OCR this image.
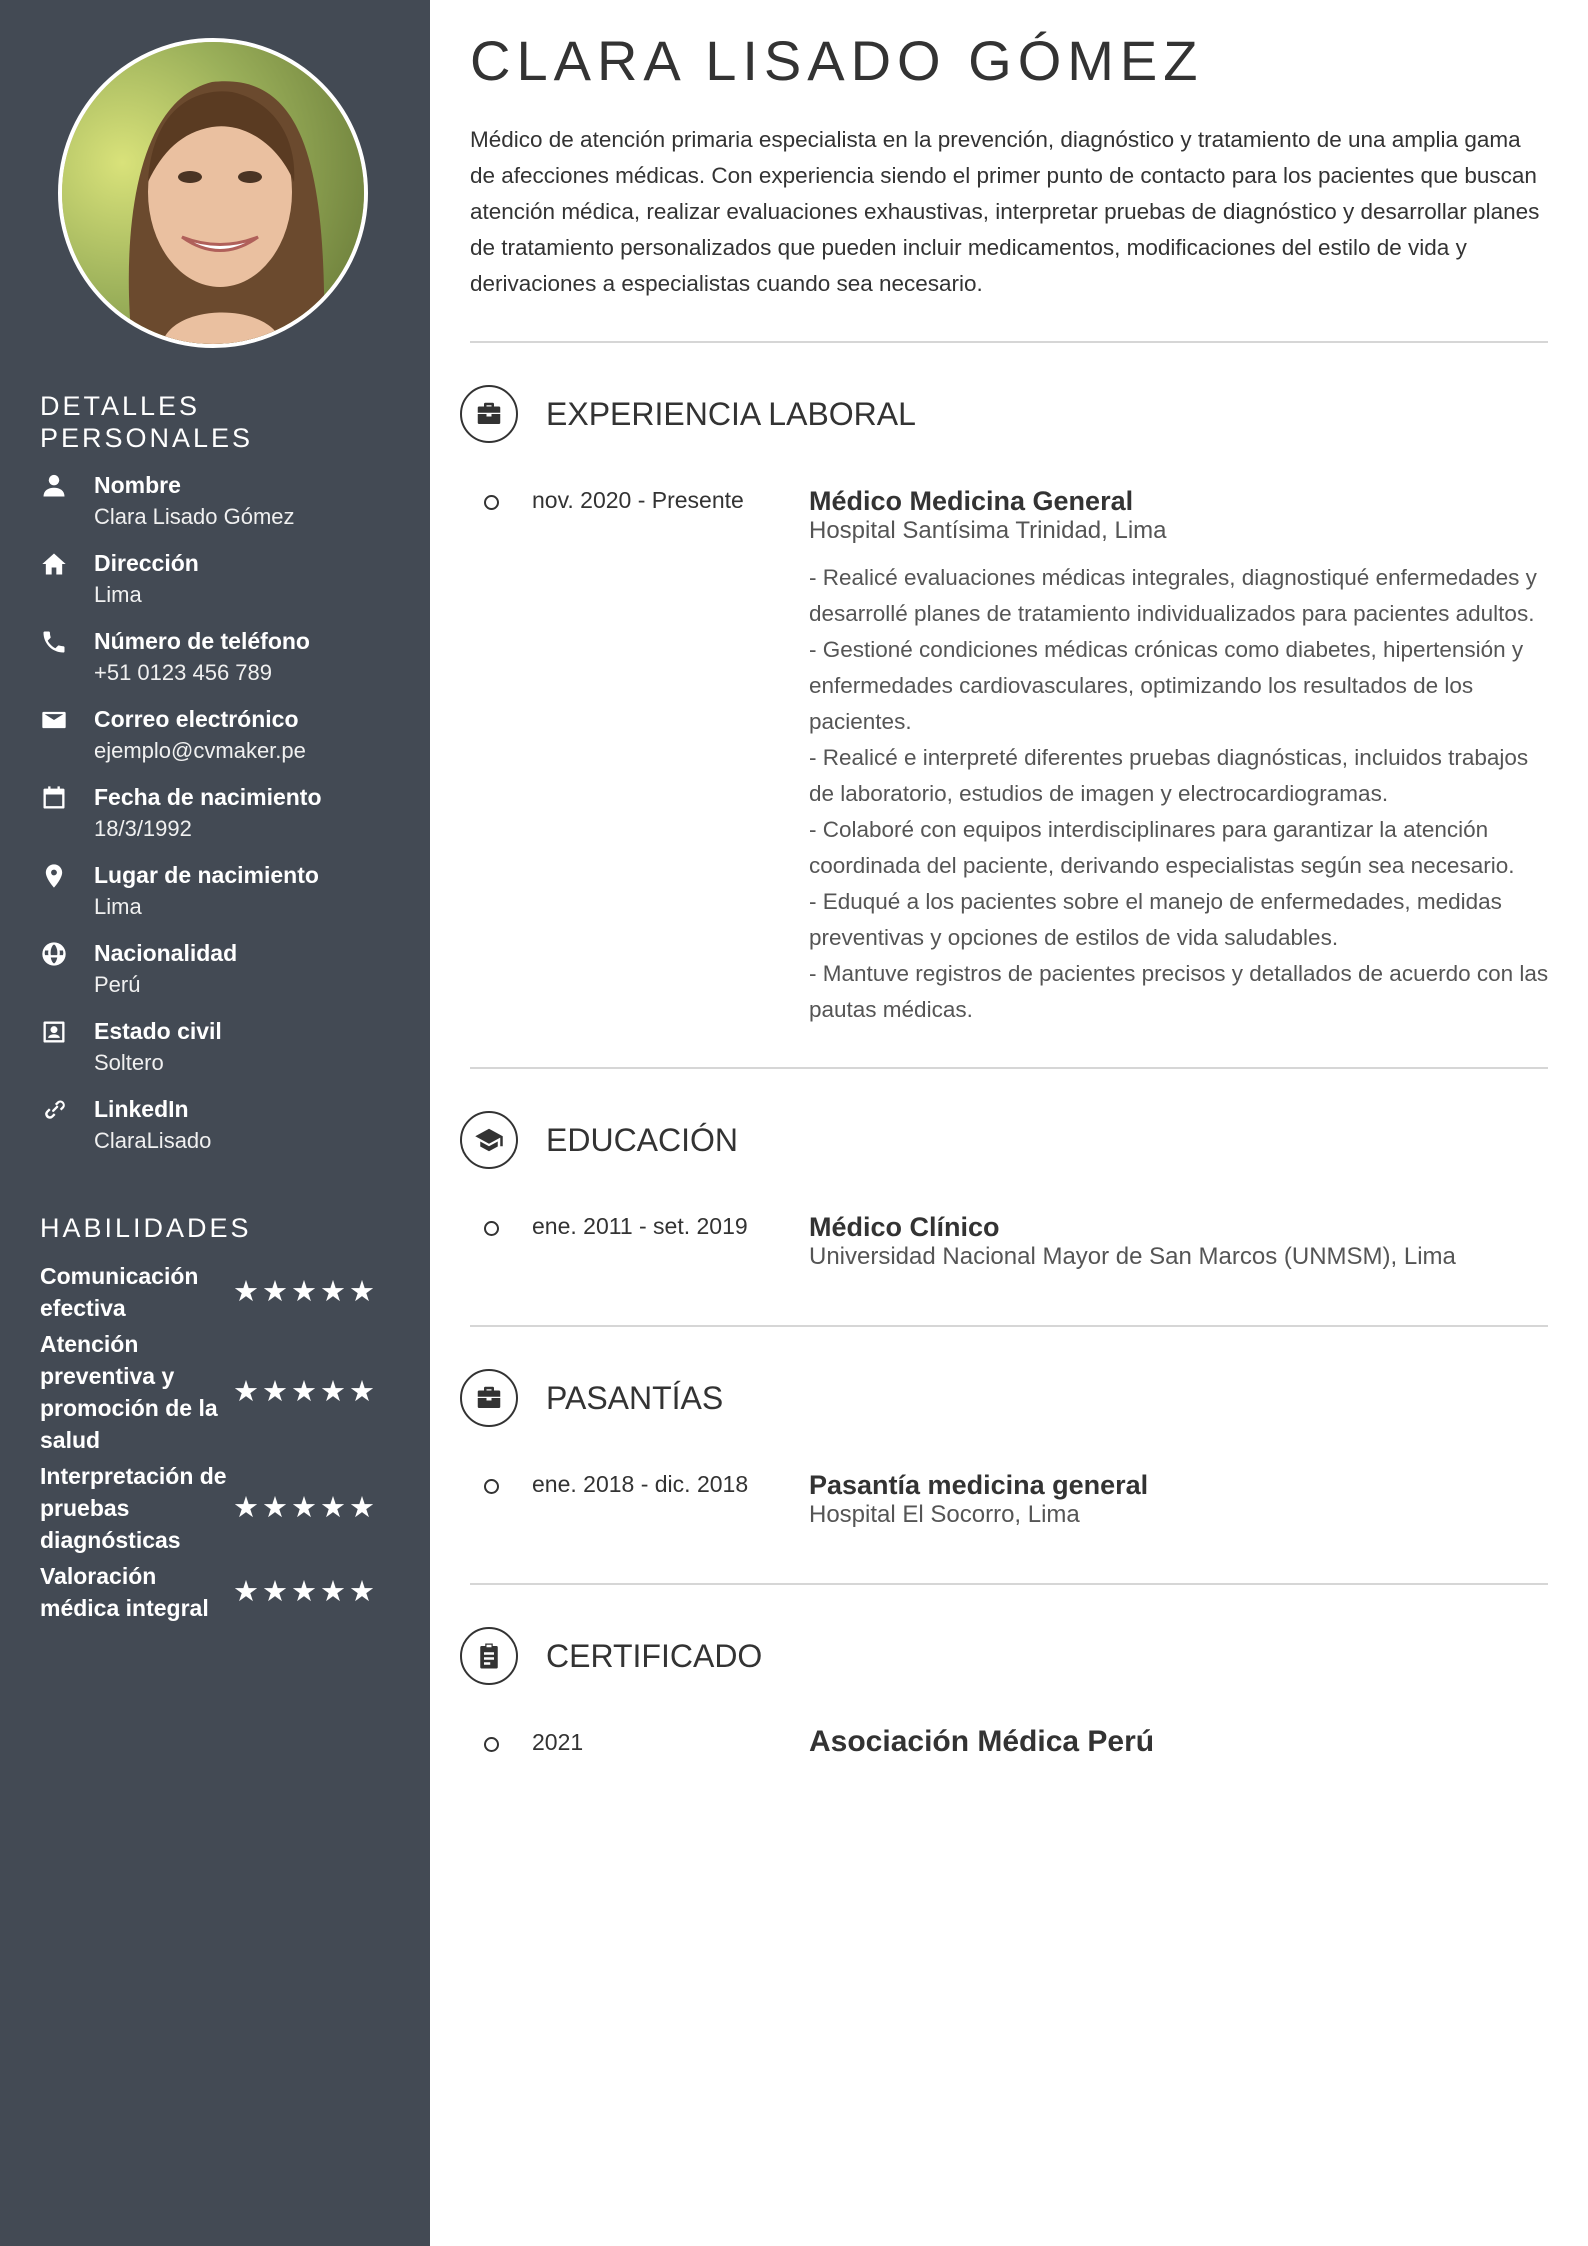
DETALLES
PERSONALES
Nombre
Clara Lisado Gómez
Dirección
Lima
Número de teléfono
+51 0123 456 789
Correo electrónico
ejemplo@cvmaker.pe
Fecha de nacimiento
18/3/1992
Lugar de nacimiento
Lima
Nacionalidad
Perú
Estado civil
Soltero
LinkedIn
ClaraLisado
HABILIDADES
Comunicación efectiva	★★★★★
Atención preventiva y promoción de la salud
★★★★★
Interpretación de pruebas diagnósticas
★★★★★
Valoración médica integral ★★★★★
CLARA LISADO GÓMEZ

Médico de atención primaria especialista en la prevención, diagnóstico y tratamiento de una amplia gama de afecciones médicas. Con experiencia siendo el primer punto de contacto para los pacientes que buscan atención médica, realizar evaluaciones exhaustivas, interpretar pruebas de diagnóstico y desarrollar planes de tratamiento personalizados que pueden incluir medicamentos, modificaciones del estilo de vida y derivaciones a especialistas cuando sea necesario.

EXPERIENCIA LABORAL
nov. 2020 - Presente Médico Medicina General
Hospital Santísima Trinidad, Lima

- Realicé evaluaciones médicas integrales, diagnostiqué enfermedades y desarrollé planes de tratamiento individualizados para pacientes adultos.

- Gestioné condiciones médicas crónicas como diabetes, hipertensión y enfermedades cardiovasculares, optimizando los resultados de los pacientes.

- Realicé e interpreté diferentes pruebas diagnósticas, incluidos trabajos de laboratorio, estudios de imagen y electrocardiogramas.

- Colaboré con equipos interdisciplinares para garantizar la atención coordinada del paciente, derivando especialistas según sea necesario.

- Eduqué a los pacientes sobre el manejo de enfermedades, medidas preventivas y opciones de estilos de vida saludables.

- Mantuve registros de pacientes precisos y detallados de acuerdo con las pautas médicas.

EDUCACIÓN
ene. 2011 - set. 2019 Médico Clínico
Universidad Nacional Mayor de San Marcos (UNMSM), Lima
PASANTÍAS
ene. 2018 - dic. 2018 Pasantía medicina general
Hospital El Socorro, Lima
CERTIFICADO
2021	Asociación Médica Perú
